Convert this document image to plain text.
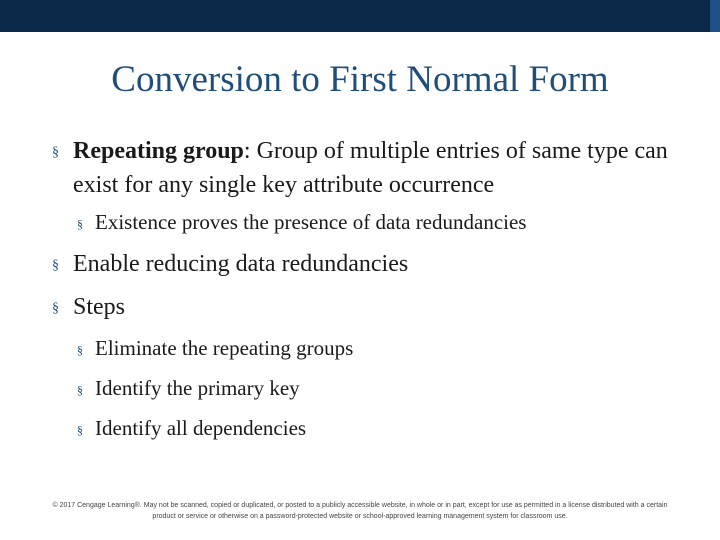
Conversion to First Normal Form
§ Repeating group: Group of multiple entries of same type can exist for any single key attribute occurrence
§ Existence proves the presence of data redundancies
§ Enable reducing data redundancies
§ Steps
§ Eliminate the repeating groups
§ Identify the primary key
§ Identify all dependencies
© 2017 Cengage Learning®. May not be scanned, copied or duplicated, or posted to a publicly accessible website, in whole or in part, except for use as permitted in a license distributed with a certain product or service or otherwise on a password-protected website or school-approved learning management system for classroom use.
